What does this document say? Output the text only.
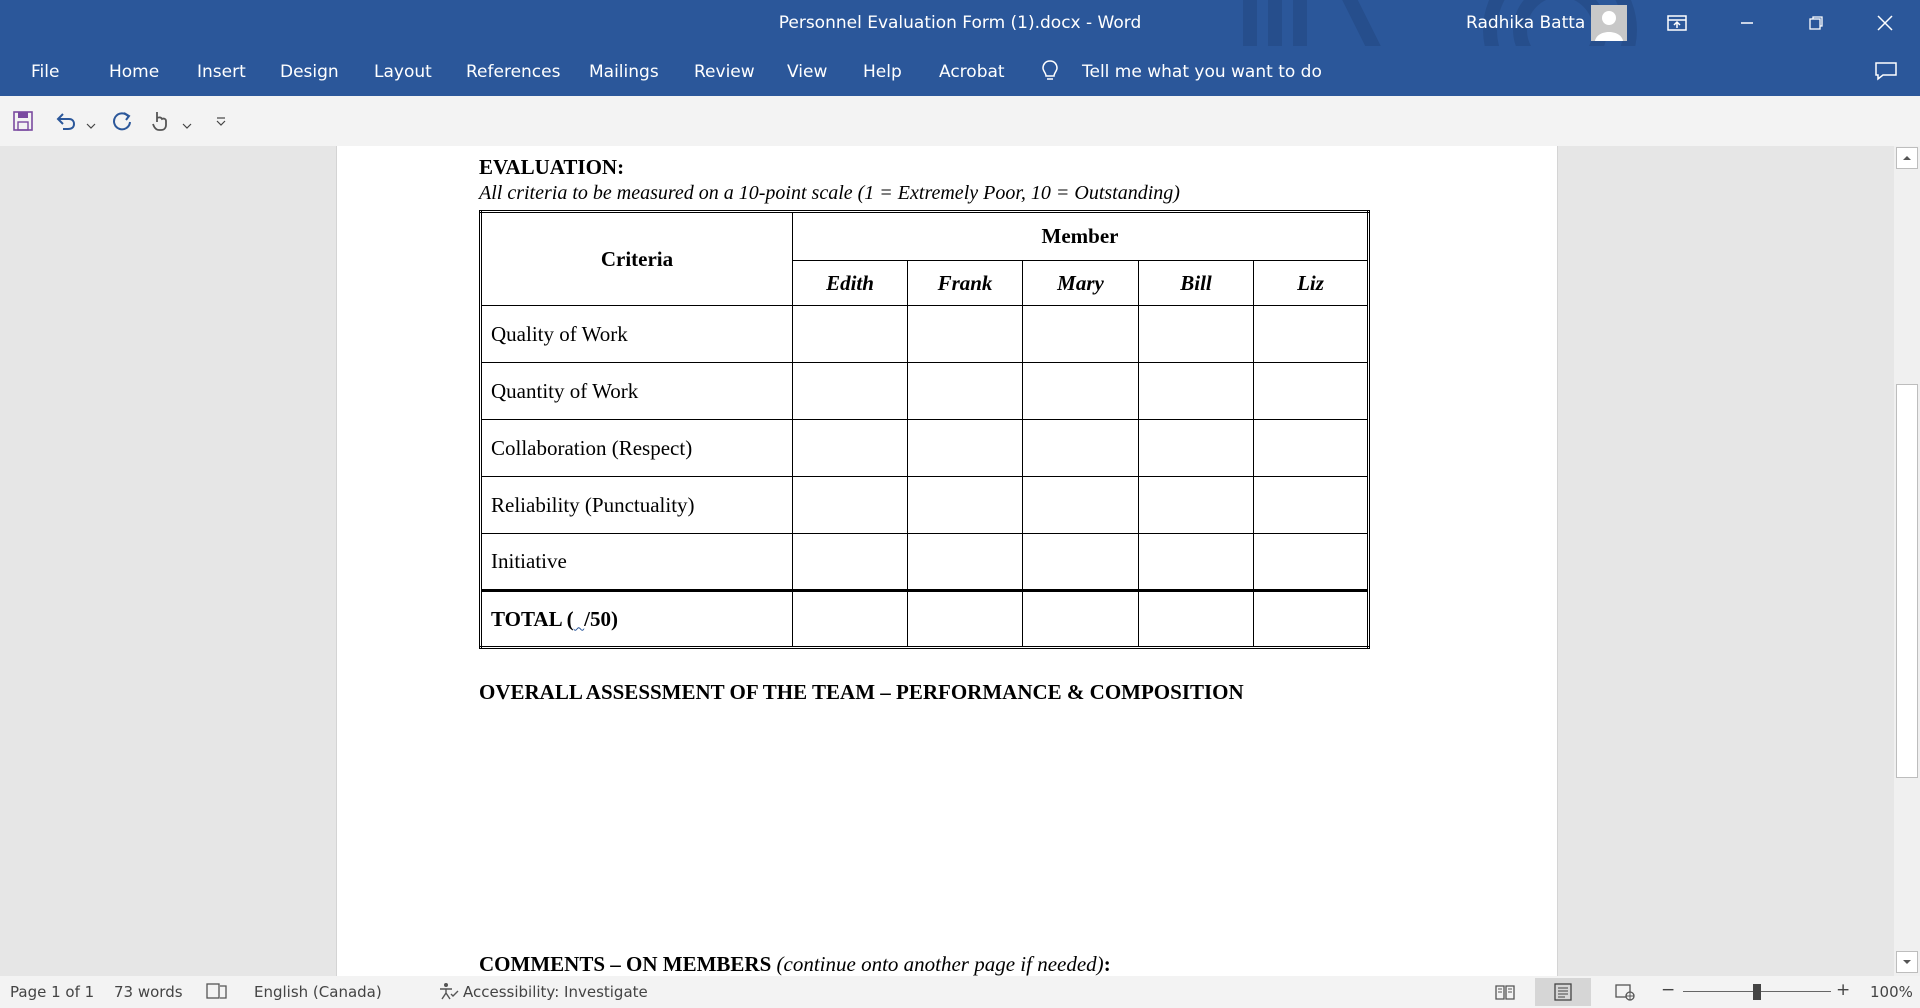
Personnel Evaluation Form (1).docx - Word	Radhika Batta
File	Home Insert Design Layout References Mailings Review View Help Acrobat	Tell me what you want to do
EVALUATION:
All criteria to be measured on a 10-point scale (1 = Extremely Poor, 10 = Outstanding)
Criteria	Member				
	Edith	Frank	Mary	Bill	Liz
Quality of Work					
Quantity of Work					
Collaboration (Respect)					
Reliability (Punctuality)					
Initiative					
TOTAL ( /50)					
OVERALL ASSESSMENT OF THE TEAM – PERFORMANCE & COMPOSITION
COMMENTS – ON MEMBERS (continue onto another page if needed):
Page 1 of 1 73 words	English (Canada)	Accessibility: Investigate	−	+ 100%
